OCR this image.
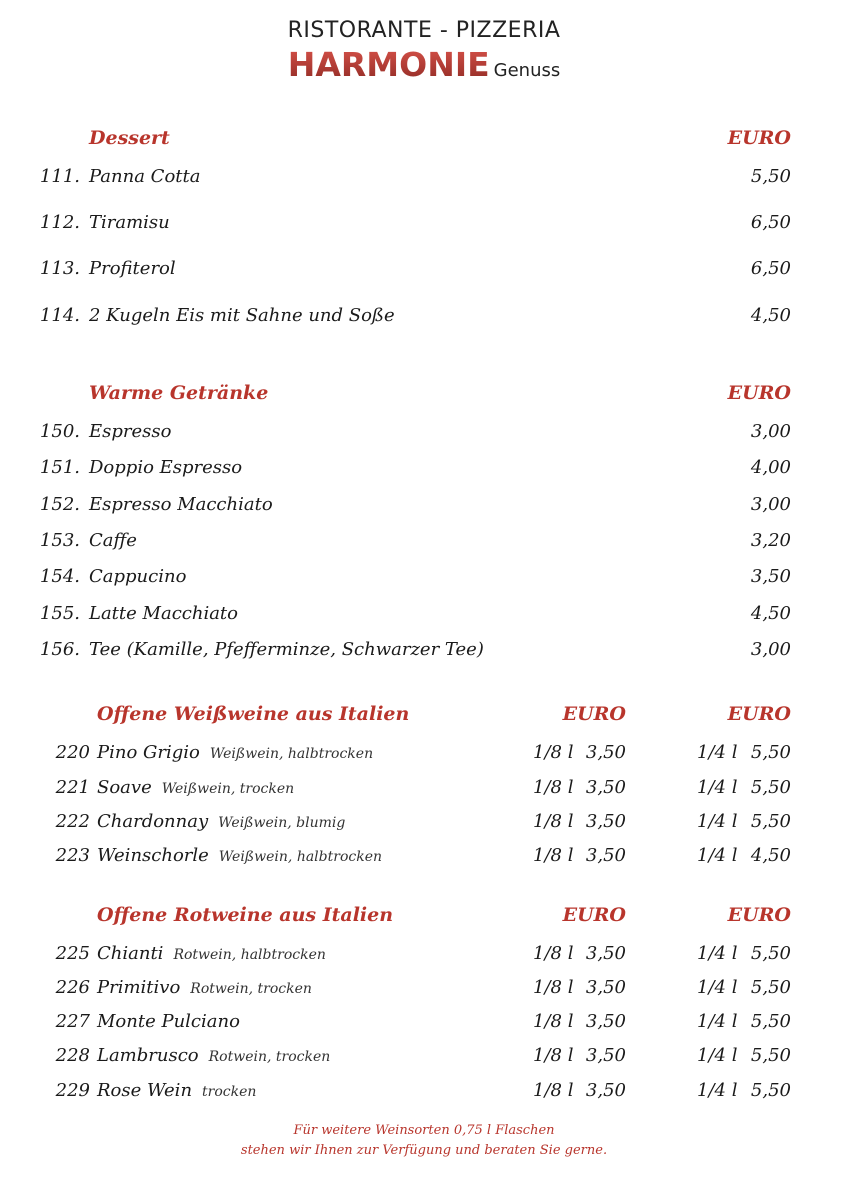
RISTORANTE - PIZZERIA
HARMONIE Genuss
Dessert	EURO
111. Panna Cotta	5,50
112. Tiramisu	6,50
113. Profiterol	6,50
114. 2 Kugeln Eis mit Sahne und Soße	4,50
Warme Getränke	EURO
150. Espresso	3,00
151. Doppio Espresso	4,00
152. Espresso Macchiato	3,00
153. Caffe	3,20
154. Cappucino	3,50
155. Latte Macchiato	4,50
156. Tee (Kamille, Pfefferminze, Schwarzer Tee)	3,00
Offene Weißweine aus Italien	EURO	EURO
220 Pino Grigio Weißwein, halbtrocken	1/8 l 3,50	1/4 l 5,50
221 Soave Weißwein, trocken	1/8 l 3,50	1/4 l 5,50
222 Chardonnay Weißwein, blumig	1/8 l 3,50	1/4 l 5,50
223 Weinschorle Weißwein, halbtrocken	1/8 l 3,50	1/4 l 4,50
Offene Rotweine aus Italien	EURO	EURO
225 Chianti Rotwein, halbtrocken	1/8 l 3,50	1/4 l 5,50
226 Primitivo Rotwein, trocken	1/8 l 3,50	1/4 l 5,50
227 Monte Pulciano	1/8 l 3,50	1/4 l 5,50
228 Lambrusco Rotwein, trocken	1/8 l 3,50	1/4 l 5,50
229 Rose Wein trocken	1/8 l 3,50	1/4 l 5,50
Für weitere Weinsorten 0,75 l Flaschen
stehen wir Ihnen zur Verfügung und beraten Sie gerne.
